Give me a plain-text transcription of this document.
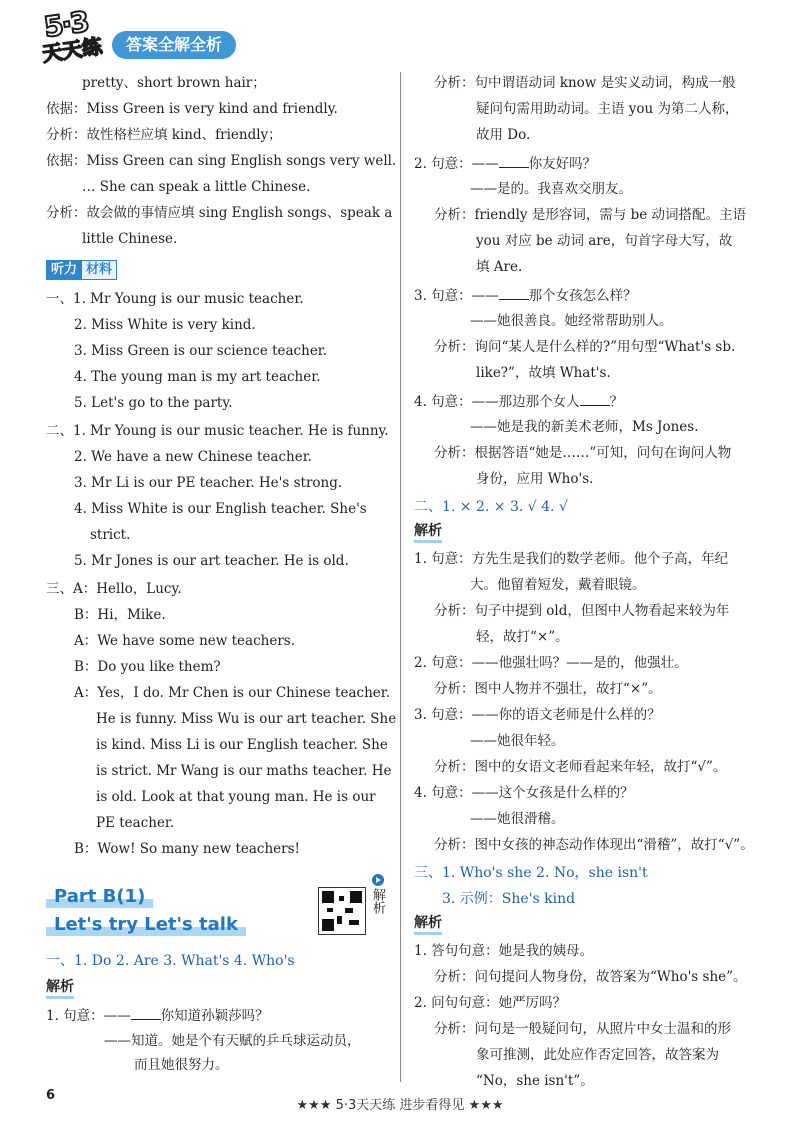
5·3
天天练	答案全解全析
pretty、short brown hair；
依据：Miss Green is very kind and friendly.
分析：故性格栏应填 kind、friendly；
依据：Miss Green can sing English songs very well.
… She can speak a little Chinese.
分析：故会做的事情应填 sing English songs、speak a
little Chinese.
听力 材料
一、1. Mr Young is our music teacher.
2. Miss White is very kind.
3. Miss Green is our science teacher.
4. The young man is my art teacher.
5. Let's go to the party.
二、1. Mr Young is our music teacher. He is funny.
2. We have a new Chinese teacher.
3. Mr Li is our PE teacher. He's strong.
4. Miss White is our English teacher. She's
strict.
5. Mr Jones is our art teacher. He is old.
三、A：Hello，Lucy.
B：Hi，Mike.
A：We have some new teachers.
B：Do you like them?
A：Yes，I do. Mr Chen is our Chinese teacher.
He is funny. Miss Wu is our art teacher. She
is kind. Miss Li is our English teacher. She
is strict. Mr Wang is our maths teacher. He
is old. Look at that young man. He is our
PE teacher.
B：Wow! So many new teachers!
Part B(1)
Let's try Let's talk
解析
一、1. Do 2. Are 3. What's 4. Who's
解析
1. 句意：—— 你知道孙颖莎吗？
——知道。她是个有天赋的乒乓球运动员，
而且她很努力。
分析：句中谓语动词 know 是实义动词，构成一般
疑问句需用助动词。主语 you 为第二人称，
故用 Do.
2. 句意：—— 你友好吗？
——是的。我喜欢交朋友。
分析：friendly 是形容词，需与 be 动词搭配。主语
you 对应 be 动词 are，句首字母大写，故
填 Are.
3. 句意：—— 那个女孩怎么样？
——她很善良。她经常帮助别人。
分析：询问“某人是什么样的?”用句型“What's sb.
like?”，故填 What's.
4. 句意：——那边那个女人 ？
——她是我的新美术老师，Ms Jones.
分析：根据答语“她是……”可知，问句在询问人物
身份，应用 Who's.
二、1. × 2. × 3. √ 4. √
解析
1. 句意：方先生是我们的数学老师。他个子高，年纪
大。他留着短发，戴着眼镜。
分析：句子中提到 old，但图中人物看起来较为年
轻，故打“×”。
2. 句意：——他强壮吗？——是的，他强壮。
分析：图中人物并不强壮，故打“×”。
3. 句意：——你的语文老师是什么样的？
——她很年轻。
分析：图中的女语文老师看起来年轻，故打“√”。
4. 句意：——这个女孩是什么样的？
——她很滑稽。
分析：图中女孩的神态动作体现出“滑稽”，故打“√”。
三、1. Who's she 2. No，she isn't
3. 示例：She's kind
解析
1. 答句句意：她是我的姨母。
分析：问句提问人物身份，故答案为“Who's she”。
2. 问句句意：她严厉吗？
分析：问句是一般疑问句，从照片中女士温和的形
象可推测，此处应作否定回答，故答案为
“No，she isn't”。
6
★★★ 5·3天天练 进步看得见 ★★★
